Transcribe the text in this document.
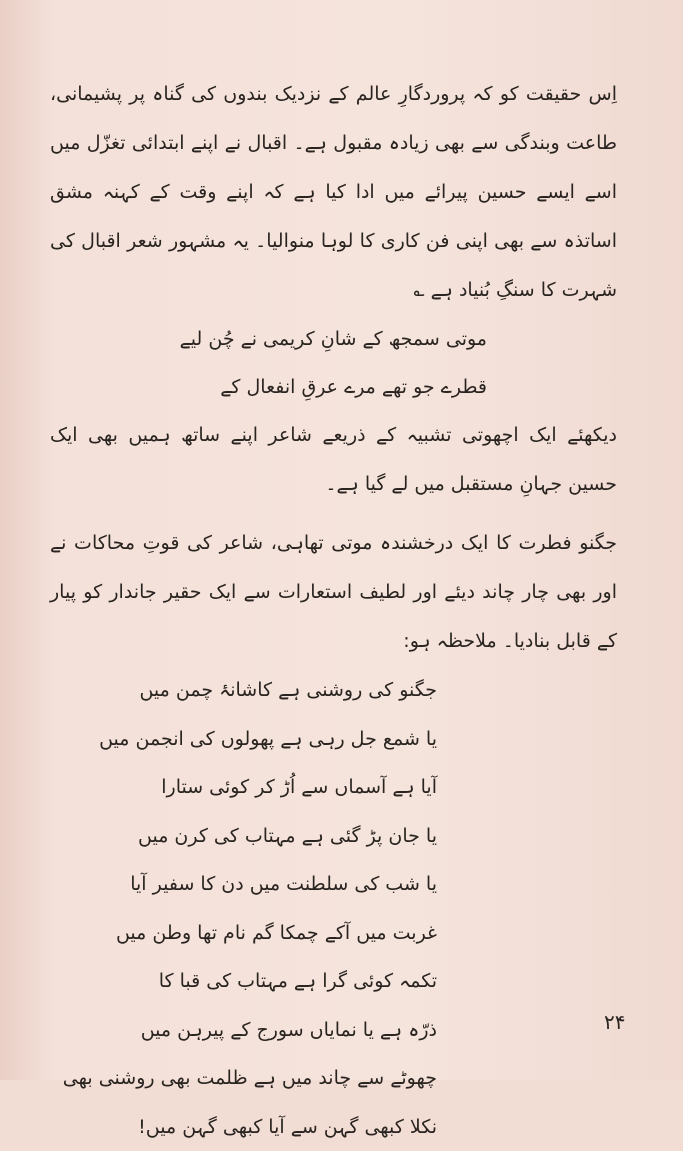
اِس حقیقت کو کہ پروردگارِ عالم کے نزدیک بندوں کی گناہ پر پشیمانی، طاعت وبندگی سے بھی زیادہ مقبول ہے۔ اقبال نے اپنے ابتدائی تغزّل میں اسے ایسے حسین پیرائے میں ادا کیا ہے کہ اپنے وقت کے کہنہ مشق اساتذہ سے بھی اپنی فن کاری کا لوہا منوالیا۔ یہ مشہور شعر اقبال کی شہرت کا سنگِ بُنیاد ہے ؎

موتی سمجھ کے شانِ کریمی نے چُن لیے

قطرے جو تھے مرے عرقِ انفعال کے

دیکھئے ایک اچھوتی تشبیہ کے ذریعے شاعر اپنے ساتھ ہمیں بھی ایک حسین جہانِ مستقبل میں لے گیا ہے۔

جگنو فطرت کا ایک درخشندہ موتی تھاہی، شاعر کی قوتِ محاکات نے اور بھی چار چاند دیئے اور لطیف استعارات سے ایک حقیر جاندار کو پیار کے قابل بنادیا۔ ملاحظہ ہو:

جگنو کی روشنی ہے کاشانۂ چمن میں

یا شمع جل رہی ہے پھولوں کی انجمن میں

آیا ہے آسماں سے اُڑ کر کوئی ستارا

یا جان پڑ گئی ہے مہتاب کی کرن میں

یا شب کی سلطنت میں دن کا سفیر آیا

غربت میں آکے چمکا گم نام تھا وطن میں

تکمہ کوئی گرا ہے مہتاب کی قبا کا

ذرّہ ہے یا نمایاں سورج کے پیرہن میں

چھوٹے سے چاند میں ہے ظلمت بھی روشنی بھی

نکلا کبھی گہن سے آیا کبھی گہن میں!

۲۴
